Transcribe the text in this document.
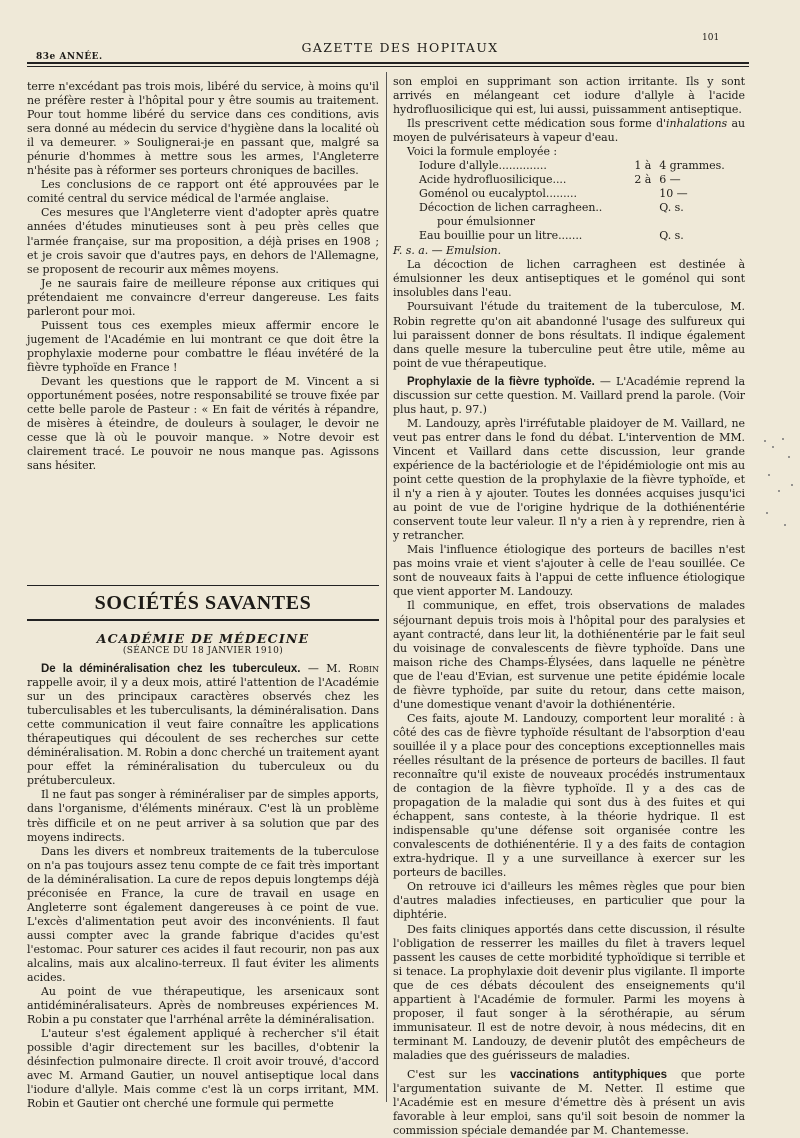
83e ANNÉE.
GAZETTE DES HOPITAUX
101

terre n'excédant pas trois mois, libéré du service, à moins qu'il ne préfère rester à l'hôpital pour y être soumis au traitement. Pour tout homme libéré du service dans ces conditions, avis sera donné au médecin du service d'hygiène dans la localité où il va demeurer. » Soulignerai-je en passant que, malgré sa pénurie d'hommes à mettre sous les armes, l'Angleterre n'hésite pas à réformer ses porteurs chroniques de bacilles.

Les conclusions de ce rapport ont été approuvées par le comité central du service médical de l'armée anglaise.

Ces mesures que l'Angleterre vient d'adopter après quatre années d'études minutieuses sont à peu près celles que l'armée française, sur ma proposition, a déjà prises en 1908 ; et je crois savoir que d'autres pays, en dehors de l'Allemagne, se proposent de recourir aux mêmes moyens.

Je ne saurais faire de meilleure réponse aux critiques qui prétendaient me convaincre d'erreur dangereuse. Les faits parleront pour moi.

Puissent tous ces exemples mieux affermir encore le jugement de l'Académie en lui montrant ce que doit être la prophylaxie moderne pour combattre le fléau invétéré de la fièvre typhoïde en France !

Devant les questions que le rapport de M. Vincent a si opportunément posées, notre responsabilité se trouve fixée par cette belle parole de Pasteur : « En fait de vérités à répandre, de misères à éteindre, de douleurs à soulager, le devoir ne cesse que là où le pouvoir manque. » Notre devoir est clairement tracé. Le pouvoir ne nous manque pas. Agissons sans hésiter.

SOCIÉTÉS SAVANTES
ACADÉMIE DE MÉDECINE
(SÉANCE DU 18 JANVIER 1910)

De la déminéralisation chez les tuberculeux. — M. Robin rappelle avoir, il y a deux mois, attiré l'attention de l'Académie sur un des principaux caractères observés chez les tuberculisables et les tuberculisants, la déminéralisation. Dans cette communication il veut faire connaître les applications thérapeutiques qui découlent de ses recherches sur cette déminéralisation. M. Robin a donc cherché un traitement ayant pour effet la réminéralisation du tuberculeux ou du prétuberculeux.

Il ne faut pas songer à réminéraliser par de simples apports, dans l'organisme, d'éléments minéraux. C'est là un problème très difficile et on ne peut arriver à sa solution que par des moyens indirects.

Dans les divers et nombreux traitements de la tuberculose on n'a pas toujours assez tenu compte de ce fait très important de la déminéralisation. La cure de repos depuis longtemps déjà préconisée en France, la cure de travail en usage en Angleterre sont également dangereuses à ce point de vue. L'excès d'alimentation peut avoir des inconvénients. Il faut aussi compter avec la grande fabrique d'acides qu'est l'estomac. Pour saturer ces acides il faut recourir, non pas aux alcalins, mais aux alcalino-terreux. Il faut éviter les aliments acides.

Au point de vue thérapeutique, les arsenicaux sont antidéminéralisateurs. Après de nombreuses expériences M. Robin a pu constater que l'arrhénal arrête la déminéralisation.

L'auteur s'est également appliqué à rechercher s'il était possible d'agir directement sur les bacilles, d'obtenir la désinfection pulmonaire directe. Il croit avoir trouvé, d'accord avec M. Armand Gautier, un nouvel antiseptique local dans l'iodure d'allyle. Mais comme c'est là un corps irritant, MM. Robin et Gautier ont cherché une formule qui permette

son emploi en supprimant son action irritante. Ils y sont arrivés en mélangeant cet iodure d'allyle à l'acide hydrofluosilicique qui est, lui aussi, puissamment antiseptique.

Ils prescrivent cette médication sous forme d'inhalations au moyen de pulvérisateurs à vapeur d'eau.

Voici la formule employée :

Iodure d'allyle..............	1 à	4 grammes.
Acide hydrofluosilicique....	2 à	6 —
Goménol ou eucalyptol.........		10 —
Décoction de lichen carragheen..		Q. s.
pour émulsionner		
Eau bouillie pour un litre.......		Q. s.

F. s. a. — Emulsion.

La décoction de lichen carragheen est destinée à émulsionner les deux antiseptiques et le goménol qui sont insolubles dans l'eau.

Poursuivant l'étude du traitement de la tuberculose, M. Robin regrette qu'on ait abandonné l'usage des sulfureux qui lui paraissent donner de bons résultats. Il indique également dans quelle mesure la tuberculine peut être utile, même au point de vue thérapeutique.

Prophylaxie de la fièvre typhoïde. — L'Académie reprend la discussion sur cette question. M. Vaillard prend la parole. (Voir plus haut, p. 97.)

M. Landouzy, après l'irréfutable plaidoyer de M. Vaillard, ne veut pas entrer dans le fond du débat. L'intervention de MM. Vincent et Vaillard dans cette discussion, leur grande expérience de la bactériologie et de l'épidémiologie ont mis au point cette question de la prophylaxie de la fièvre typhoïde, et il n'y a rien à y ajouter. Toutes les données acquises jusqu'ici au point de vue de l'origine hydrique de la dothiénentérie conservent toute leur valeur. Il n'y a rien à y reprendre, rien à y retrancher.

Mais l'influence étiologique des porteurs de bacilles n'est pas moins vraie et vient s'ajouter à celle de l'eau souillée. Ce sont de nouveaux faits à l'appui de cette influence étiologique que vient apporter M. Landouzy.

Il communique, en effet, trois observations de malades séjournant depuis trois mois à l'hôpital pour des paralysies et ayant contracté, dans leur lit, la dothiénentérie par le fait seul du voisinage de convalescents de fièvre typhoïde. Dans une maison riche des Champs-Élysées, dans laquelle ne pénètre que de l'eau d'Evian, est survenue une petite épidémie locale de fièvre typhoïde, par suite du retour, dans cette maison, d'une domestique venant d'avoir la dothiénentérie.

Ces faits, ajoute M. Landouzy, comportent leur moralité : à côté des cas de fièvre typhoïde résultant de l'absorption d'eau souillée il y a place pour des conceptions exceptionnelles mais réelles résultant de la présence de porteurs de bacilles. Il faut reconnaître qu'il existe de nouveaux procédés instrumentaux de contagion de la fièvre typhoïde. Il y a des cas de propagation de la maladie qui sont dus à des fuites et qui échappent, sans conteste, à la théorie hydrique. Il est indispensable qu'une défense soit organisée contre les convalescents de dothiénentérie. Il y a des faits de contagion extra-hydrique. Il y a une surveillance à exercer sur les porteurs de bacilles.

On retrouve ici d'ailleurs les mêmes règles que pour bien d'autres maladies infectieuses, en particulier que pour la diphtérie.

Des faits cliniques apportés dans cette discussion, il résulte l'obligation de resserrer les mailles du filet à travers lequel passent les causes de cette morbidité typhoïdique si terrible et si tenace. La prophylaxie doit devenir plus vigilante. Il importe que de ces débats découlent des enseignements qu'il appartient à l'Académie de formuler. Parmi les moyens à proposer, il faut songer à la sérothérapie, au sérum immunisateur. Il est de notre devoir, à nous médecins, dit en terminant M. Landouzy, de devenir plutôt des empêcheurs de maladies que des guérisseurs de maladies.

C'est sur les vaccinations antityphiques que porte l'argumentation suivante de M. Netter. Il estime que l'Académie est en mesure d'émettre dès à présent un avis favorable à leur emploi, sans qu'il soit besoin de nommer la commission spéciale demandée par M. Chantemesse.
